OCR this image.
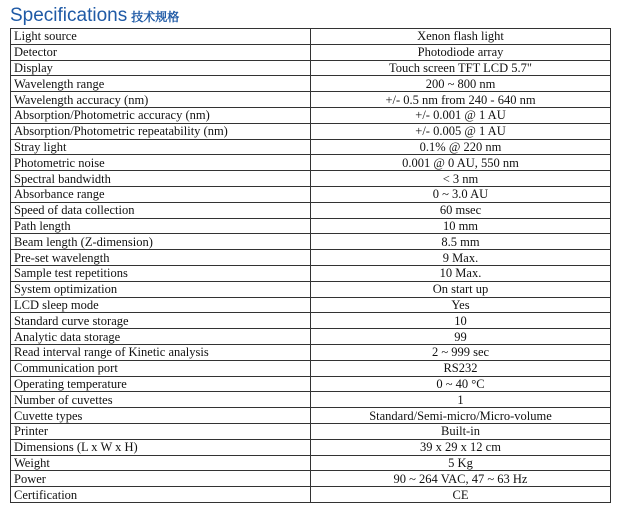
Specifications 技术规格
Light source	Xenon flash light
Detector	Photodiode array
Display	Touch screen TFT LCD 5.7"
Wavelength range	200 ~ 800 nm
Wavelength accuracy (nm)	+/- 0.5 nm from 240 - 640 nm
Absorption/Photometric accuracy (nm)	+/- 0.001 @ 1 AU
Absorption/Photometric repeatability (nm)	+/- 0.005 @ 1 AU
Stray light	0.1% @ 220 nm
Photometric noise	0.001 @ 0 AU, 550 nm
Spectral bandwidth	< 3 nm
Absorbance range	0 ~ 3.0 AU
Speed of data collection	60 msec
Path length	10 mm
Beam length (Z-dimension)	8.5 mm
Pre-set wavelength	9 Max.
Sample test repetitions	10 Max.
System optimization	On start up
LCD sleep mode	Yes
Standard curve storage	10
Analytic data storage	99
Read interval range of Kinetic analysis	2 ~ 999 sec
Communication port	RS232
Operating temperature	0 ~ 40 °C
Number of cuvettes	1
Cuvette types	Standard/Semi-micro/Micro-volume
Printer	Built-in
Dimensions (L x W x H)	39 x 29 x 12 cm
Weight	5 Kg
Power	90 ~ 264 VAC, 47 ~ 63 Hz
Certification	CE
